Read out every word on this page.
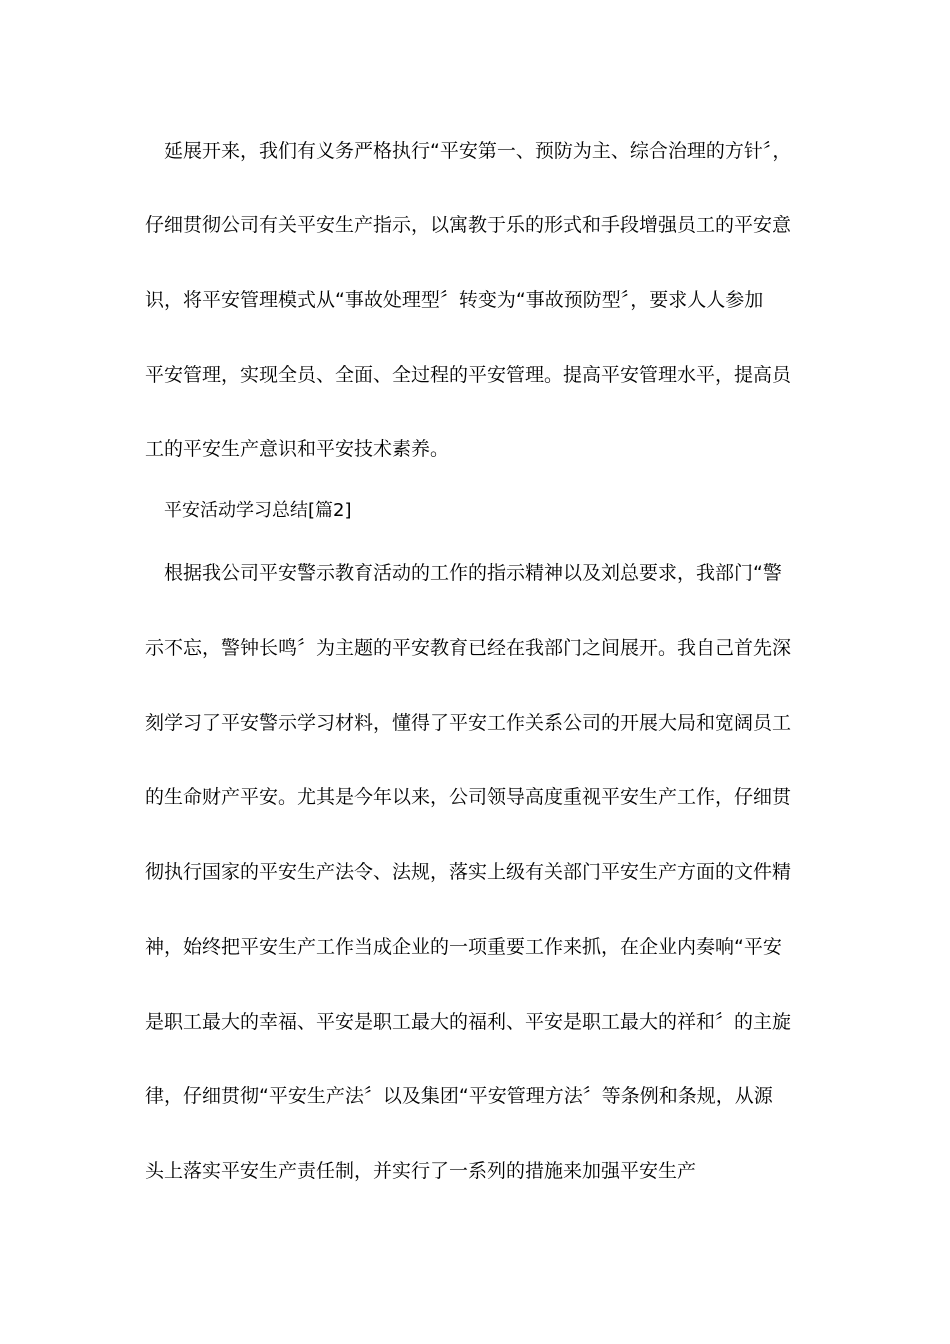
延展开来，我们有义务严格执行“平安第一、预防为主、综合治理的方针〞，
仔细贯彻公司有关平安生产指示，以寓教于乐的形式和手段增强员工的平安意
识，将平安管理模式从“事故处理型〞转变为“事故预防型〞，要求人人参加
平安管理，实现全员、全面、全过程的平安管理。提高平安管理水平，提高员
工的平安生产意识和平安技术素养。
平安活动学习总结[篇2]
根据我公司平安警示教育活动的工作的指示精神以及刘总要求，我部门“警
示不忘，警钟长鸣〞为主题的平安教育已经在我部门之间展开。我自己首先深
刻学习了平安警示学习材料，懂得了平安工作关系公司的开展大局和宽阔员工
的生命财产平安。尤其是今年以来，公司领导高度重视平安生产工作，仔细贯
彻执行国家的平安生产法令、法规，落实上级有关部门平安生产方面的文件精
神，始终把平安生产工作当成企业的一项重要工作来抓，在企业内奏响“平安
是职工最大的幸福、平安是职工最大的福利、平安是职工最大的祥和〞的主旋
律，仔细贯彻“平安生产法〞以及集团“平安管理方法〞等条例和条规，从源
头上落实平安生产责任制，并实行了一系列的措施来加强平安生产
